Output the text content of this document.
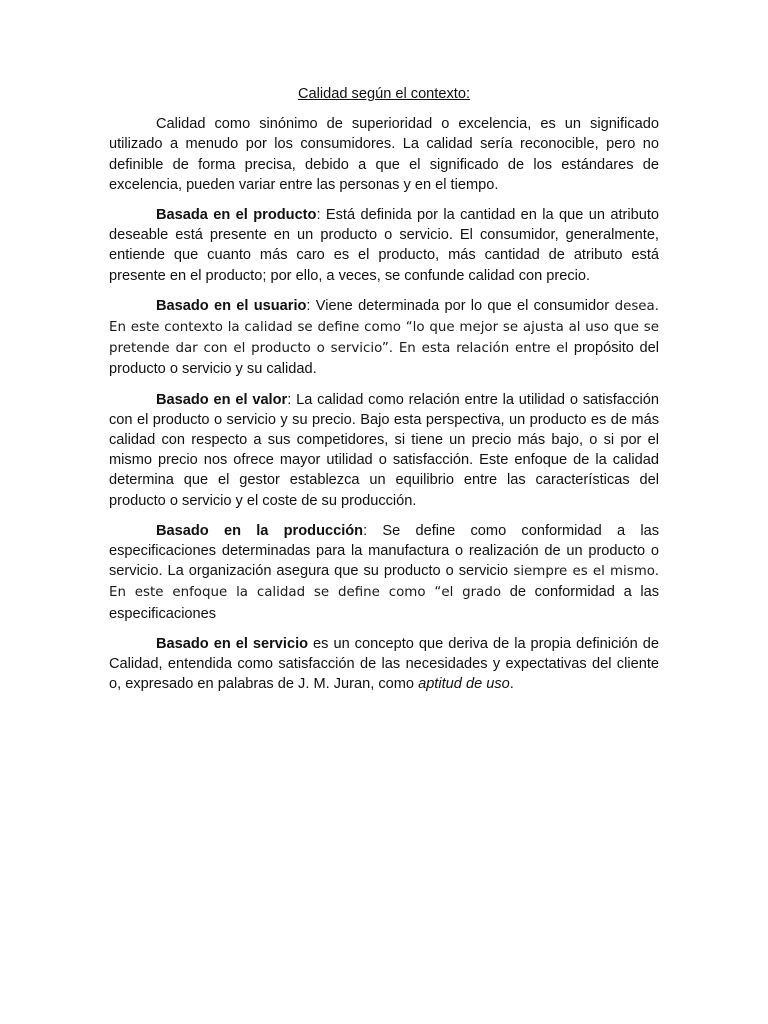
Calidad según el contexto:

Calidad como sinónimo de superioridad o excelencia, es un significado utilizado a menudo por los consumidores. La calidad sería reconocible, pero no definible de forma precisa, debido a que el significado de los estándares de excelencia, pueden variar entre las personas y en el tiempo.

Basada en el producto: Está definida por la cantidad en la que un atributo deseable está presente en un producto o servicio. El consumidor, generalmente, entiende que cuanto más caro es el producto, más cantidad de atributo está presente en el producto; por ello, a veces, se confunde calidad con precio.

Basado en el usuario: Viene determinada por lo que el consumidor desea. En este contexto la calidad se define como “lo que mejor se ajusta al uso que se pretende dar con el producto o servicio”. En esta relación entre el propósito del producto o servicio y su calidad.

Basado en el valor: La calidad como relación entre la utilidad o satisfacción con el producto o servicio y su precio. Bajo esta perspectiva, un producto es de más calidad con respecto a sus competidores, si tiene un precio más bajo, o si por el mismo precio nos ofrece mayor utilidad o satisfacción. Este enfoque de la calidad determina que el gestor establezca un equilibrio entre las características del producto o servicio y el coste de su producción.

Basado en la producción: Se define como conformidad a las especificaciones determinadas para la manufactura o realización de un producto o servicio. La organización asegura que su producto o servicio siempre es el mismo. En este enfoque la calidad se define como “el grado de conformidad a las especificaciones

Basado en el servicio es un concepto que deriva de la propia definición de Calidad, entendida como satisfacción de las necesidades y expectativas del cliente o, expresado en palabras de J. M. Juran, como aptitud de uso.
